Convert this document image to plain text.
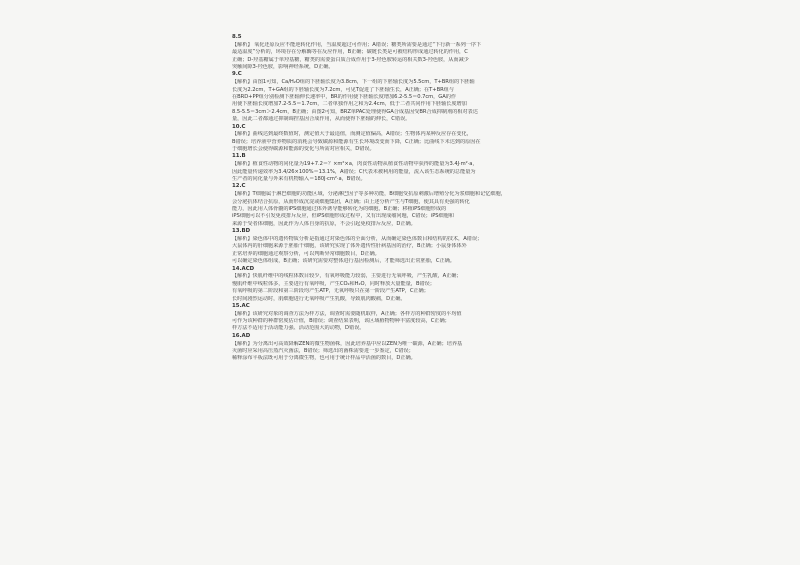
8.5
【解析】 氧化还原反应不能逆转化作用，当温度超过可作用；A错误；糖类所需要是通过“下行新一系列一序下
最适温度”分析的，环境存在分解酶等在反应作用，B正确；碳链长类是可被结构形成通过转化的作用，C
正确；D-羟基糖属于单羟基糖，糖类的需要蛋白质合成作用于3-羟色胺转运的相关数3-羟色胺，从而减少
突触间隙3-羟色胺，影响神经系统，D正确。
9.C
【解析】由图1可知，Ca/H₂O组的下胚轴长度为3.8cm，下一组的下胚轴长度为5.5cm，T+BR组的下胚轴
长度为2.2cm，T+GA组的下胚轴长度为7.2cm，可见T促进了下胚轴生长，A正确；在T+BR组与
在BRD+PP组分别检测下胚轴伸长速率中，BR的作用使下胚轴长度增加6.2-5.5＝0.7cm，GA的作
用使下胚轴长度增加7.2-5.5＝1.7cm，二者单独作用之和为2.4cm，低于二者共同作用下胚轴长度增加
8.5-5.5＝3cm＞2.4cm，B正确；由图2可知，BRZ单PAC处理使得GA合成基因受BR合成抑制剂的相对表达
量，因此二者都通过抑制调控基因合成作用，从而使得下胚轴的伸长，C错误。
10.C
【解析】曲线达到最终数值时，测定值大于最适值，而测定值偏高，A错误；生物体内某种反应存在变化，
B错误；培养液中营养物质的消耗会导致碳源和能源有生长环境改变而下降，C正确；比曲线下未达到的原因在
于细胞增长会使得碳源和能源的变化与所需对应相关，D错误。
11.B
【解析】植食性动物的同化量为19+7.2＝？×m²×a，肉食性动物从植食性动物中获得的能量为3.4J·m²·a，
因此能量传递效率为3.4/26×100%＝13.1%，A错误；C代表未被利用的能量，流入该生态系统的总能量为
生产者的同化量与外来有机物输入＝180J·cm²·a，B错误。
12.C
【解析】T细胞属于淋巴细胞的功能区域，分泌淋巴因子等多种功能，B细胞受抗原刺激后增殖分化为浆细胞和记忆细胞，
会分泌抗体结合抗原，从而形成沉淀或细胞集团，A正确；由上述分析产生与T细胞，使其具有更强的转化
能力，因此用人体骨髓的iPS细胞通过体外诱导能够转化为的细胞，B正确；移植iPS细胞形成的
iPS细胞可以不引发免疫排斥反应，但iPS细胞形成过程中，又有出现成瘤问题，C错误；iPS细胞和
来源于受者体细胞，因此作为人体自身的抗原，不会引起免疫排斥反应，D正确。
13.BD
【解析】染色体中的遗传物质分析是指通过对染色体的全面分析，从而确定染色体数目和结构的技术，A错误；
大鼠体内的肝细胞来源于胚胎干细胞，该研究实现了体外遗传性肝病基因的治疗，B正确；小鼠身体体外
正常培养的细胞通过观察分析，可以判断异常细胞数目，D正确。
可以确定染色体组成，B正确；该研究需要对整体进行基因检测后，才能筛选出正常胚胎，C正确。
14.ACD
【解析】快肌纤维中的线粒体数目较少，有氧呼吸能力较弱，主要进行无氧呼吸，产生乳酸，A正确；
慢肌纤维中线粒体多，主要进行有氧呼吸，产生CO₂和H₂O，同时释放大量能量，B错误；
有氧呼吸的第二阶段和第三阶段均产生ATP，无氧呼吸只在第一阶段产生ATP，C正确；
长时间剧烈运动时，肌细胞进行无氧呼吸产生乳酸，导致肌肉酸痛，D正确。
15.AC
【解析】该研究对象的调查方法为样方法，调查时需要随机取样，A正确；各样方的种群密度的平均值
可作为该种群的种群密度估计值，B错误；调查结果表明，该区域植物物种丰富度较高，C正确；
样方法不适用于活动能力强、活动范围大的动物，D错误。
16.AD
【解析】为分离出可高效降解ZEN的微生物菌株，因此培养基中应以ZEN为唯一碳源，A正确；培养基
灭菌时应采用高压蒸汽灭菌法，B错误；筛选出的菌株需要进一步鉴定，C错误；
稀释涂布平板法既可用于分离微生物，也可用于统计样品中活菌的数目，D正确。
